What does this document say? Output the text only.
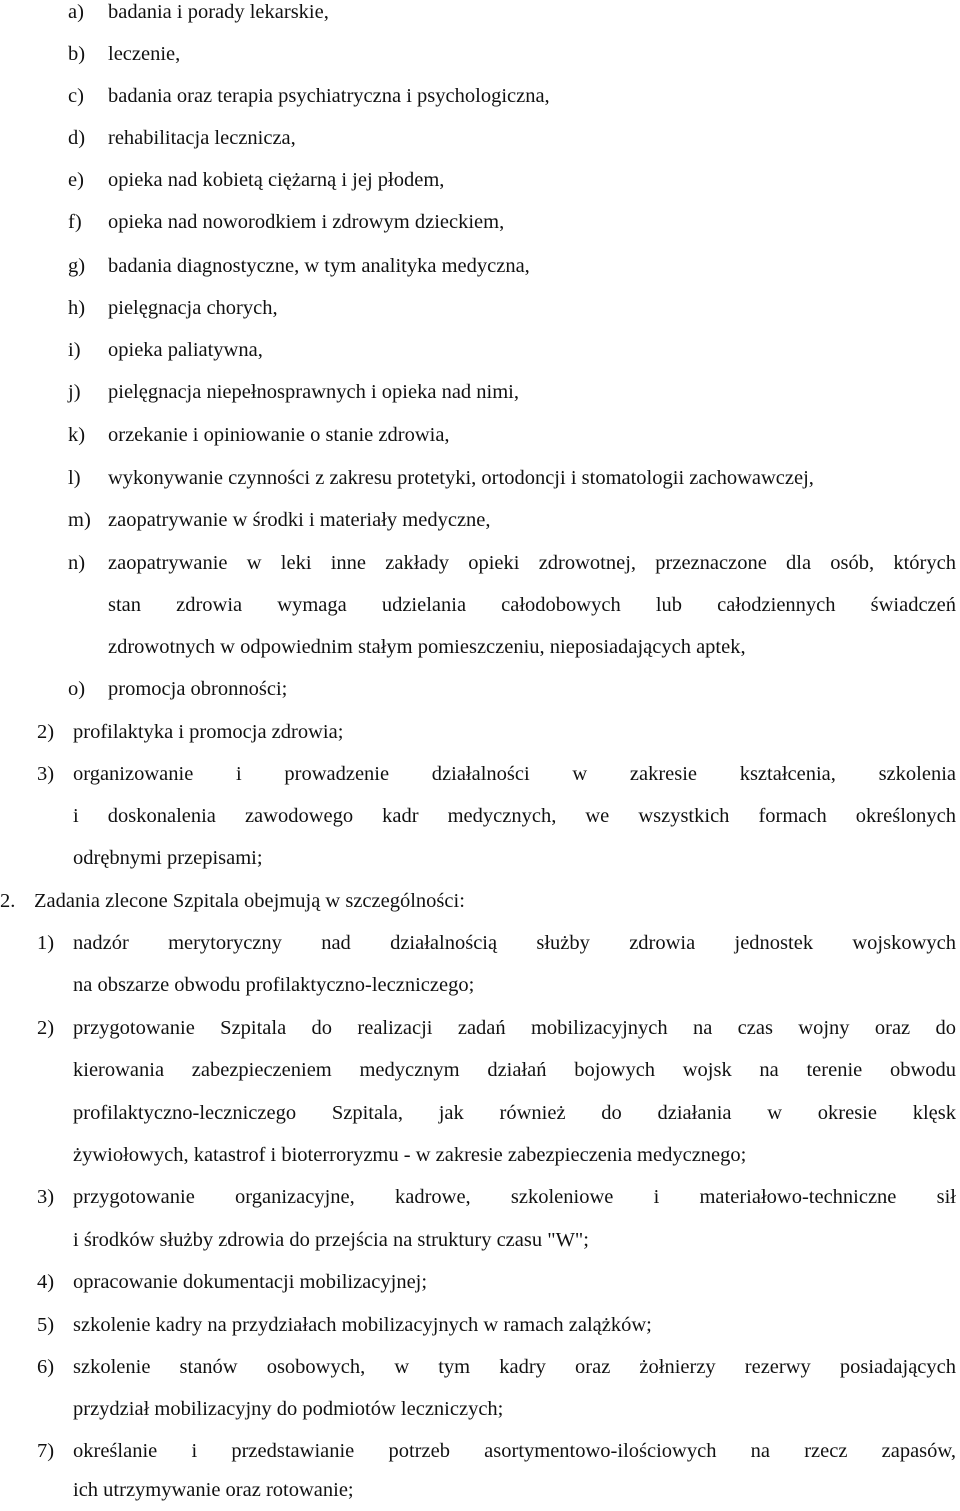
a) badania i porady lekarskie,
b) leczenie,
c) badania oraz terapia psychiatryczna i psychologiczna,
d) rehabilitacja lecznicza,
e) opieka nad kobietą ciężarną i jej płodem,
f) opieka nad noworodkiem i zdrowym dzieckiem,
g) badania diagnostyczne, w tym analityka medyczna,
h) pielęgnacja chorych,
i) opieka paliatywna,
j) pielęgnacja niepełnosprawnych i opieka nad nimi,
k) orzekanie i opiniowanie o stanie zdrowia,
l) wykonywanie czynności z zakresu protetyki, ortodoncji i stomatologii zachowawczej,
m) zaopatrywanie w środki i materiały medyczne,
n) zaopatrywanie w leki inne zakłady opieki zdrowotnej, przeznaczone dla osób, których
stan zdrowia wymaga udzielania całodobowych lub całodziennych świadczeń
zdrowotnych w odpowiednim stałym pomieszczeniu, nieposiadających aptek,
o) promocja obronności;
2) profilaktyka i promocja zdrowia;
3) organizowanie i prowadzenie działalności w zakresie kształcenia, szkolenia
i doskonalenia zawodowego kadr medycznych, we wszystkich formach określonych
odrębnymi przepisami;
2. Zadania zlecone Szpitala obejmują w szczególności:
1) nadzór merytoryczny nad działalnością służby zdrowia jednostek wojskowych
na obszarze obwodu profilaktyczno-leczniczego;
2) przygotowanie Szpitala do realizacji zadań mobilizacyjnych na czas wojny oraz do
kierowania zabezpieczeniem medycznym działań bojowych wojsk na terenie obwodu
profilaktyczno-leczniczego Szpitala, jak również do działania w okresie klęsk
żywiołowych, katastrof i bioterroryzmu - w zakresie zabezpieczenia medycznego;
3) przygotowanie organizacyjne, kadrowe, szkoleniowe i materiałowo-techniczne sił
i środków służby zdrowia do przejścia na struktury czasu "W";
4) opracowanie dokumentacji mobilizacyjnej;
5) szkolenie kadry na przydziałach mobilizacyjnych w ramach zalążków;
6) szkolenie stanów osobowych, w tym kadry oraz żołnierzy rezerwy posiadających
przydział mobilizacyjny do podmiotów leczniczych;
7) określanie i przedstawianie potrzeb asortymentowo-ilościowych na rzecz zapasów,
ich utrzymywanie oraz rotowanie;
